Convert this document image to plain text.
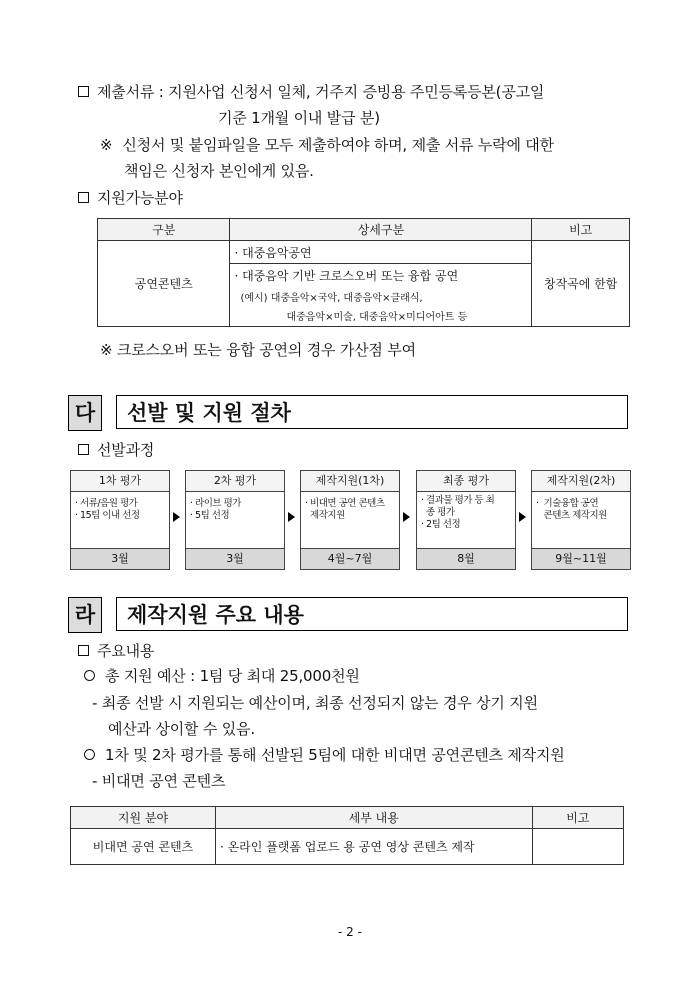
제출서류 : 지원사업 신청서 일체, 거주지 증빙용 주민등록등본(공고일
기준 1개월 이내 발급 분)
※ 신청서 및 붙임파일을 모두 제출하여야 하며, 제출 서류 누락에 대한
책임은 신청자 본인에게 있음.
지원가능분야
구분	상세구분	비고
공연콘텐츠	· 대중음악공연	창작곡에 한함

	· 대중음악 기반 크로스오버 또는 융합 공연
(예시) 대중음악×국악, 대중음악×클래식,
대중음악×미술, 대중음악×미디어아트 등	
※ 크로스오버 또는 융합 공연의 경우 가산점 부여
다	선발 및 지원 절차
선발과정
1차 평가
· 서류/음원 평가
· 15팀 이내 선정
3월
2차 평가
· 라이브 평가
· 5팀 선정
3월
제작지원(1차)
· 비대면 공연 콘텐츠
제작지원
4월~7월
최종 평가
· 결과물 평가 등 최
종 평가
· 2팀 선정
8월
제작지원(2차)
·  기술융합 공연
콘텐츠 제작지원
9월~11월
라	제작지원 주요 내용
주요내용
총 지원 예산 : 1팀 당 최대 25,000천원
- 최종 선발 시 지원되는 예산이며, 최종 선정되지 않는 경우 상기 지원
예산과 상이할 수 있음.
1차 및 2차 평가를 통해 선발된 5팀에 대한 비대면 공연콘텐츠 제작지원
- 비대면 공연 콘텐츠
지원 분야	세부 내용	비고
비대면 공연 콘텐츠	· 온라인 플랫폼 업로드 용 공연 영상 콘텐츠 제작	
- 2 -
